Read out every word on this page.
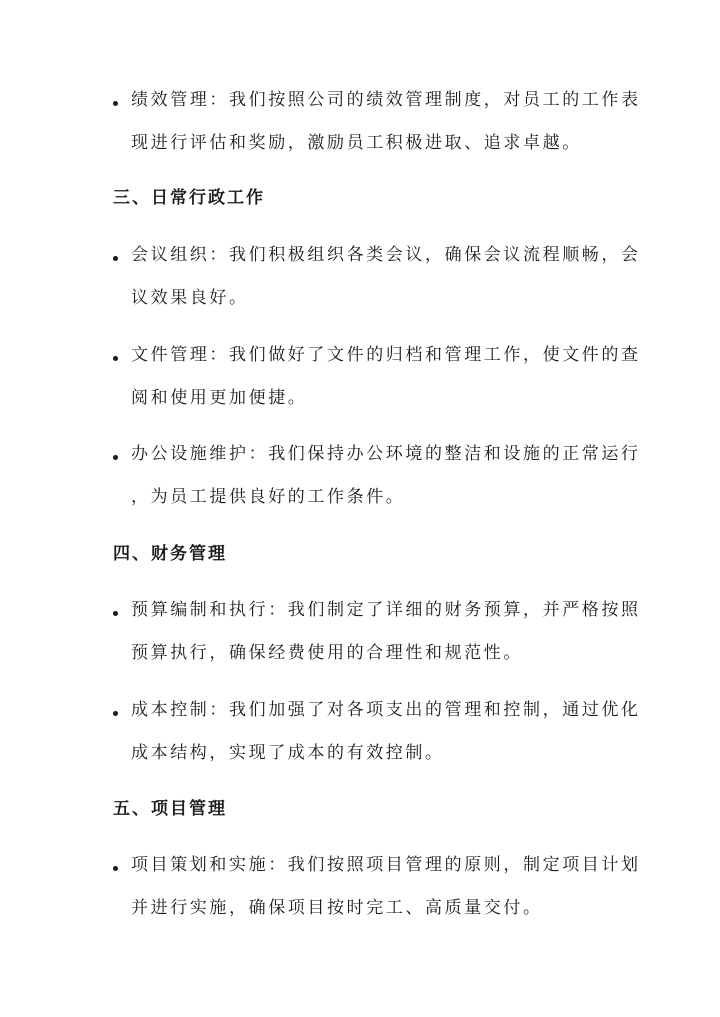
绩效管理：我们按照公司的绩效管理制度，对员工的工作表
现进行评估和奖励，激励员工积极进取、追求卓越。
三、日常行政工作
会议组织：我们积极组织各类会议，确保会议流程顺畅，会
议效果良好。
文件管理：我们做好了文件的归档和管理工作，使文件的查
阅和使用更加便捷。
办公设施维护：我们保持办公环境的整洁和设施的正常运行
，为员工提供良好的工作条件。
四、财务管理
预算编制和执行：我们制定了详细的财务预算，并严格按照
预算执行，确保经费使用的合理性和规范性。
成本控制：我们加强了对各项支出的管理和控制，通过优化
成本结构，实现了成本的有效控制。
五、项目管理
项目策划和实施：我们按照项目管理的原则，制定项目计划
并进行实施，确保项目按时完工、高质量交付。
